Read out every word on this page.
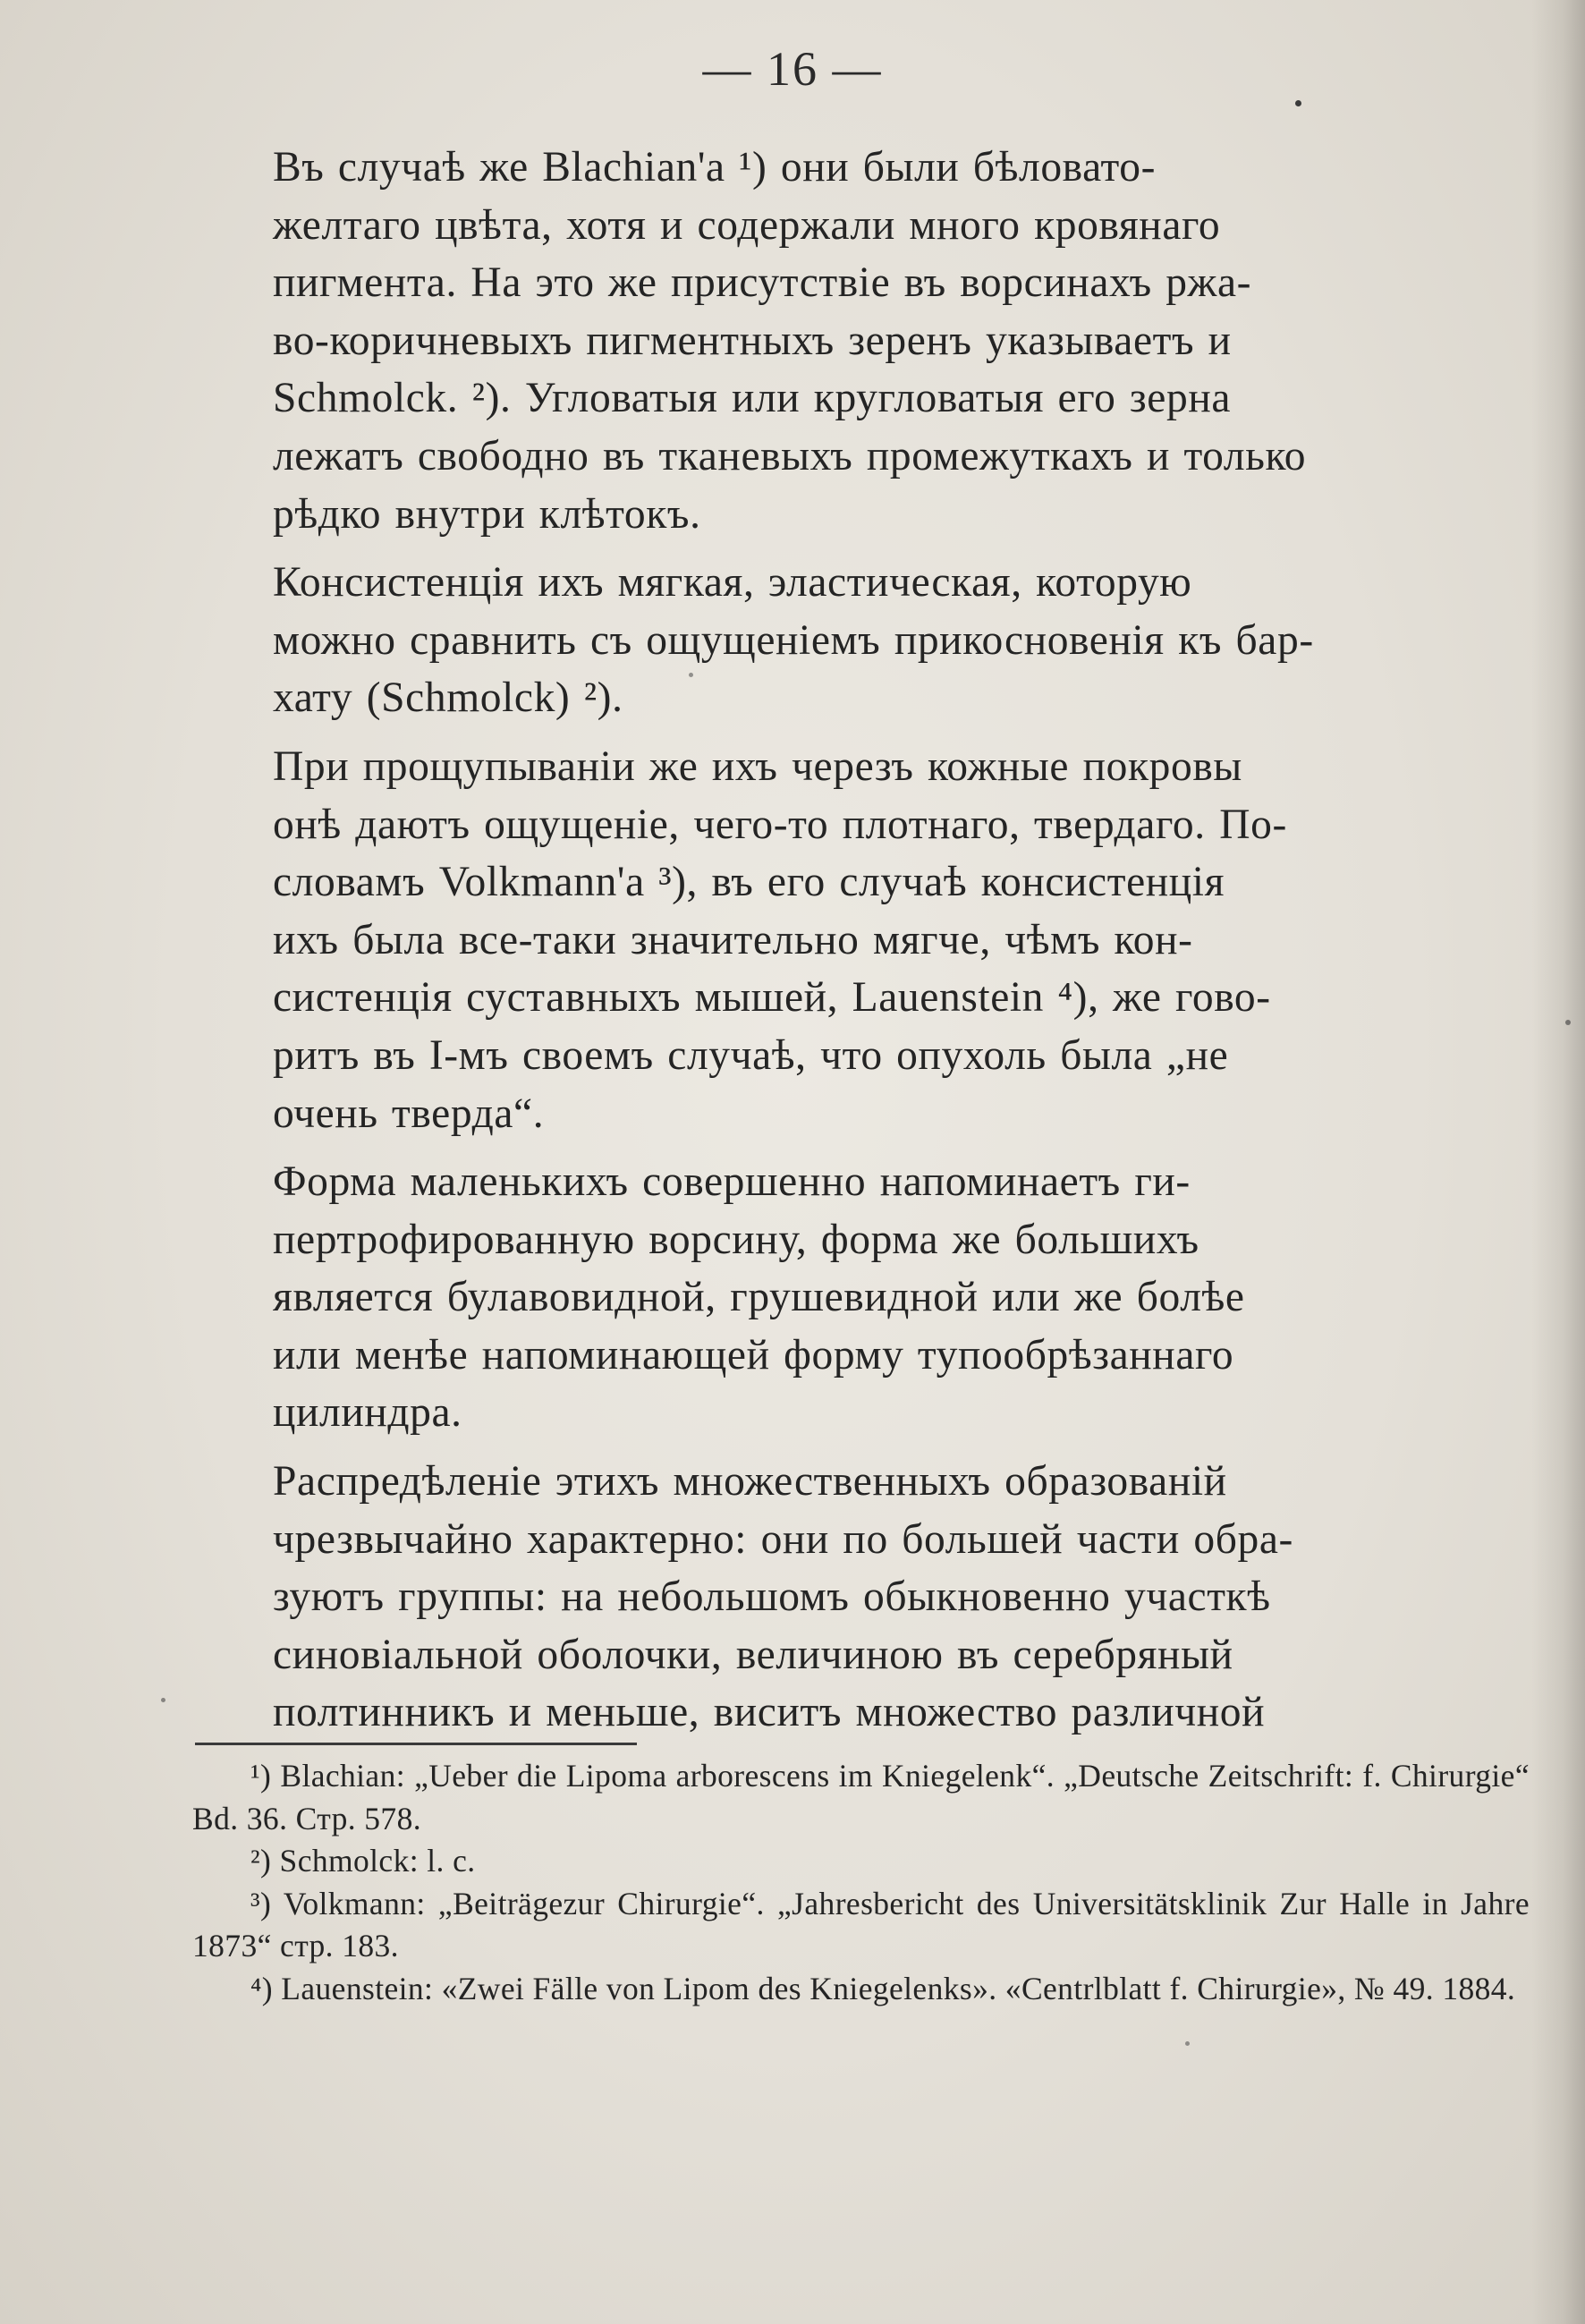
— 16 —

Въ случаѣ же Blachian'а ¹) они были бѣловато-
желтаго цвѣта, хотя и содержали много кровянаго
пигмента. На это же присутствіе въ ворсинахъ ржа-
во-коричневыхъ пигментныхъ зеренъ указываетъ и
Schmolck. ²). Угловатыя или кругловатыя его зерна
лежатъ свободно въ тканевыхъ промежуткахъ и только
рѣдко внутри клѣтокъ.

Консистенція ихъ мягкая, эластическая, которую
можно сравнить съ ощущеніемъ прикосновенія къ бар-
хату (Schmolck) ²).

При прощупываніи же ихъ черезъ кожные покровы
онѣ даютъ ощущеніе, чего-то плотнаго, твердаго. По-
словамъ Volkmann'а ³), въ его случаѣ консистенція
ихъ была все-таки значительно мягче, чѣмъ кон-
систенція суставныхъ мышей, Lauenstein ⁴), же гово-
ритъ въ I-мъ своемъ случаѣ, что опухоль была „не
очень тверда“.

Форма маленькихъ совершенно напоминаетъ ги-
пертрофированную ворсину, форма же большихъ
является булавовидной, грушевидной или же болѣе
или менѣе напоминающей форму тупообрѣзаннаго
цилиндра.

Распредѣленіе этихъ множественныхъ образованій
чрезвычайно характерно: они по большей части обра-
зуютъ группы: на небольшомъ обыкновенно участкѣ
синовіальной оболочки, величиною въ серебряный
полтинникъ и меньше, виситъ множество различной

¹) Blachian: „Ueber die Lipoma arborescens im Kniegelenk“. „Deutsche Zeitschrift: f. Chirurgie“ Bd. 36. Стр. 578.

²) Schmolck: l. c.

³) Volkmann: „Beiträgezur Chirurgie“. „Jahresbericht des Universitätsklinik Zur Halle in Jahre 1873“ стр. 183.

⁴) Lauenstein: «Zwei Fälle von Lipom des Kniegelenks». «Centrlblatt f. Chirurgie», № 49. 1884.
